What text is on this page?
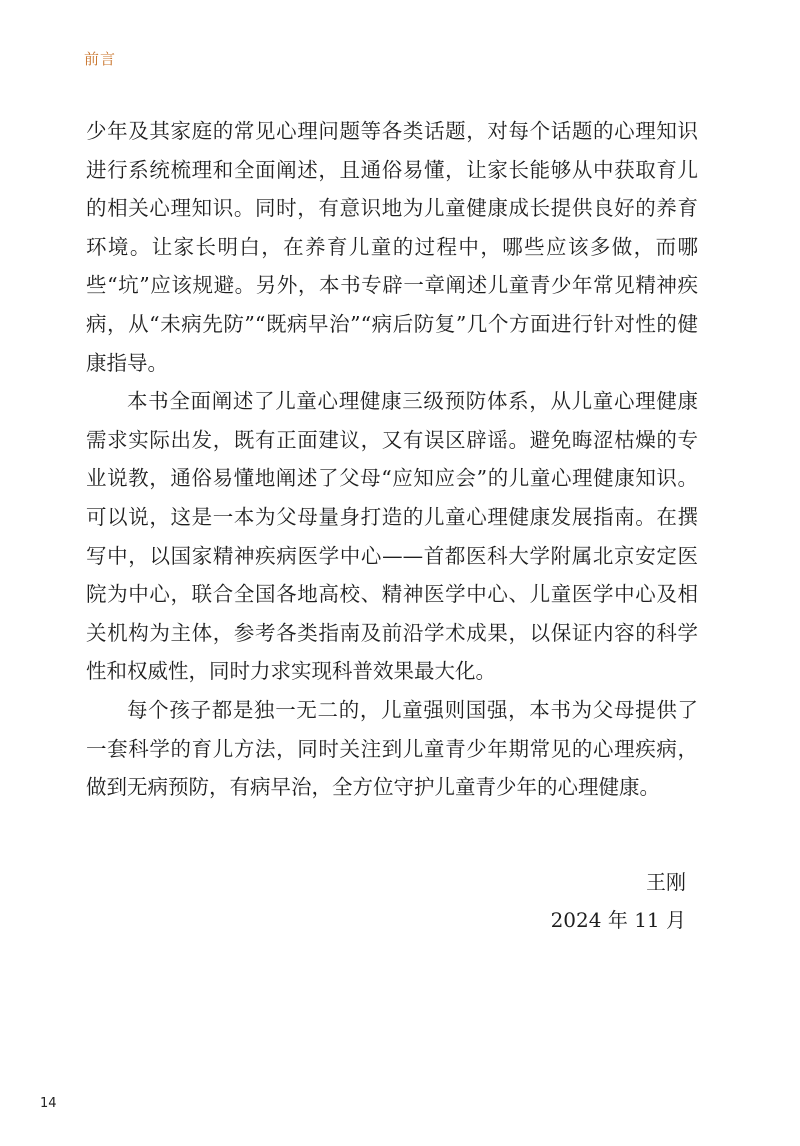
前言

少年及其家庭的常见心理问题等各类话题，对每个话题的心理知识进行系统梳理和全面阐述，且通俗易懂，让家长能够从中获取育儿的相关心理知识。同时，有意识地为儿童健康成长提供良好的养育环境。让家长明白，在养育儿童的过程中，哪些应该多做，而哪些“坑”应该规避。另外，本书专辟一章阐述儿童青少年常见精神疾病，从“未病先防”“既病早治”“病后防复”几个方面进行针对性的健康指导。

本书全面阐述了儿童心理健康三级预防体系，从儿童心理健康需求实际出发，既有正面建议，又有误区辟谣。避免晦涩枯燥的专业说教，通俗易懂地阐述了父母“应知应会”的儿童心理健康知识。可以说，这是一本为父母量身打造的儿童心理健康发展指南。在撰写中，以国家精神疾病医学中心——首都医科大学附属北京安定医院为中心，联合全国各地高校、精神医学中心、儿童医学中心及相关机构为主体，参考各类指南及前沿学术成果，以保证内容的科学性和权威性，同时力求实现科普效果最大化。

每个孩子都是独一无二的，儿童强则国强，本书为父母提供了一套科学的育儿方法，同时关注到儿童青少年期常见的心理疾病，做到无病预防，有病早治，全方位守护儿童青少年的心理健康。

王刚
2024 年 11 月
14
